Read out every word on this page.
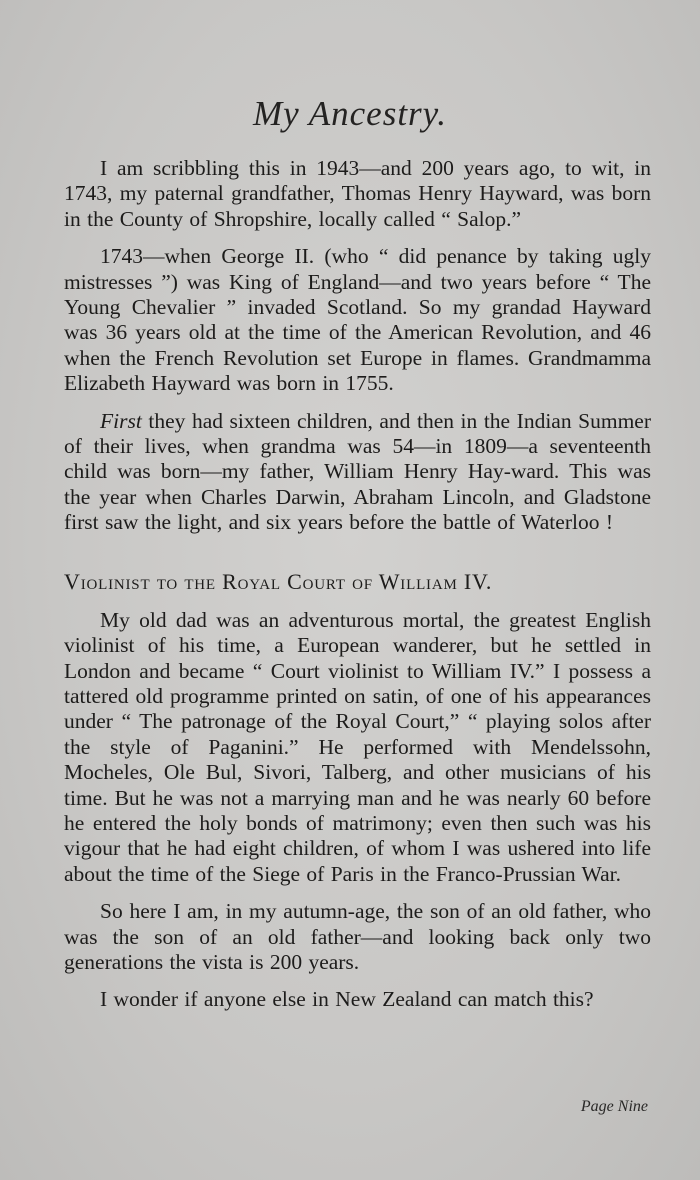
My Ancestry.

I am scribbling this in 1943—and 200 years ago, to wit, in 1743, my paternal grandfather, Thomas Henry Hayward, was born in the County of Shropshire, locally called “ Salop.”

1743—when George II. (who “ did penance by taking ugly mistresses ”) was King of England—and two years before “ The Young Chevalier ” invaded Scotland. So my grandad Hayward was 36 years old at the time of the American Revolution, and 46 when the French Revolution set Europe in flames. Grandmamma Elizabeth Hayward was born in 1755.

First they had sixteen children, and then in the Indian Summer of their lives, when grandma was 54—in 1809—a seventeenth child was born—my father, William Henry Hay-ward. This was the year when Charles Darwin, Abraham Lincoln, and Gladstone first saw the light, and six years before the battle of Waterloo !

Violinist to the Royal Court of William IV.

My old dad was an adventurous mortal, the greatest English violinist of his time, a European wanderer, but he settled in London and became “ Court violinist to William IV.” I possess a tattered old programme printed on satin, of one of his appearances under “ The patronage of the Royal Court,” “ playing solos after the style of Paganini.” He performed with Mendelssohn, Mocheles, Ole Bul, Sivori, Talberg, and other musicians of his time. But he was not a marrying man and he was nearly 60 before he entered the holy bonds of matrimony; even then such was his vigour that he had eight children, of whom I was ushered into life about the time of the Siege of Paris in the Franco-Prussian War.

So here I am, in my autumn-age, the son of an old father, who was the son of an old father—and looking back only two generations the vista is 200 years.

I wonder if anyone else in New Zealand can match this?

Page Nine
